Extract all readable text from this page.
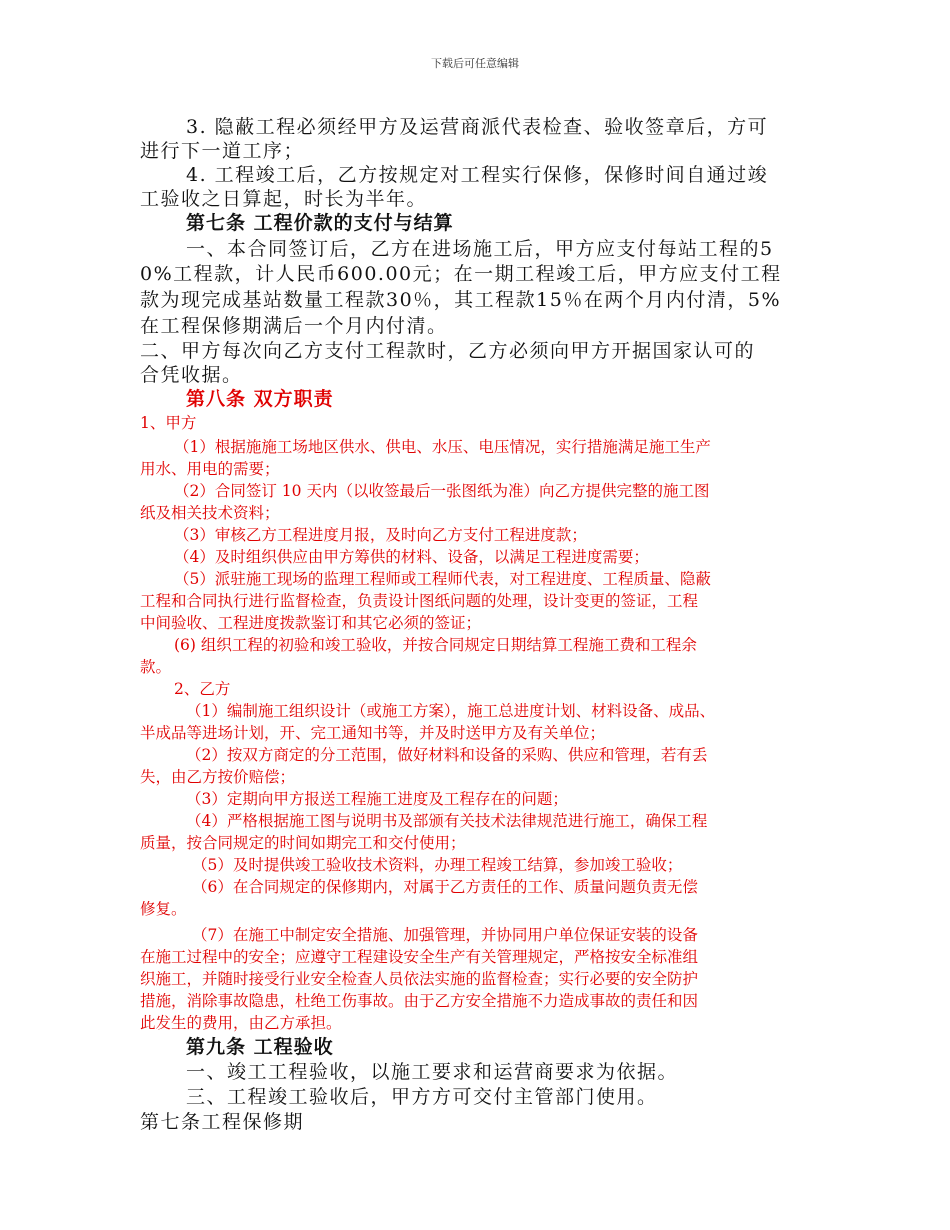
下载后可任意编辑
3. 隐蔽工程必须经甲方及运营商派代表检查、验收签章后，方可
进行下一道工序；
4. 工程竣工后，乙方按规定对工程实行保修，保修时间自通过竣
工验收之日算起，时长为半年。
第七条 工程价款的支付与结算
一、本合同签订后，乙方在进场施工后，甲方应支付每站工程的5
0%工程款，计人民币600.00元；在一期工程竣工后，甲方应支付工程
款为现完成基站数量工程款30％，其工程款15％在两个月内付清，5%
在工程保修期满后一个月内付清。
二、甲方每次向乙方支付工程款时，乙方必须向甲方开据国家认可的
合凭收据。
第八条 双方职责
1、甲方
（1）根据施施工场地区供水、供电、水压、电压情况，实行措施满足施工生产
用水、用电的需要；
（2）合同签订 10 天内（以收签最后一张图纸为准）向乙方提供完整的施工图
纸及相关技术资料；
（3）审核乙方工程进度月报，及时向乙方支付工程进度款；
（4）及时组织供应由甲方筹供的材料、设备，以满足工程进度需要；
（5）派驻施工现场的监理工程师或工程师代表，对工程进度、工程质量、隐蔽
工程和合同执行进行监督检查，负责设计图纸问题的处理，设计变更的签证，工程
中间验收、工程进度拨款鉴订和其它必须的签证；
(6) 组织工程的初验和竣工验收，并按合同规定日期结算工程施工费和工程余
款。
2、乙方
（1）编制施工组织设计（或施工方案），施工总进度计划、材料设备、成品、
半成品等进场计划，开、完工通知书等，并及时送甲方及有关单位；
（2）按双方商定的分工范围，做好材料和设备的采购、供应和管理，若有丢
失，由乙方按价赔偿；
（3）定期向甲方报送工程施工进度及工程存在的问题；
（4）严格根据施工图与说明书及部颁有关技术法律规范进行施工，确保工程
质量，按合同规定的时间如期完工和交付使用；
（5）及时提供竣工验收技术资料，办理工程竣工结算，参加竣工验收；
（6）在合同规定的保修期内，对属于乙方责任的工作、质量问题负责无偿
修复。
（7）在施工中制定安全措施、加强管理，并协同用户单位保证安装的设备
在施工过程中的安全；应遵守工程建设安全生产有关管理规定，严格按安全标准组
织施工，并随时接受行业安全检查人员依法实施的监督检查；实行必要的安全防护
措施，消除事故隐患，杜绝工伤事故。由于乙方安全措施不力造成事故的责任和因
此发生的费用，由乙方承担。
第九条 工程验收
一、竣工工程验收，以施工要求和运营商要求为依据。
三、工程竣工验收后，甲方方可交付主管部门使用。
第七条工程保修期
